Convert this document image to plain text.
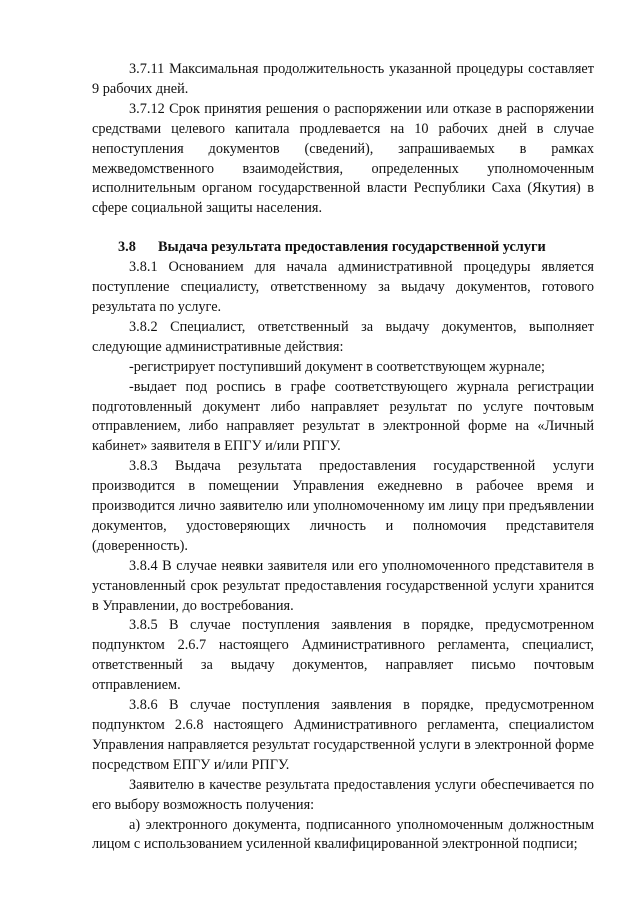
3.7.11 Максимальная продолжительность указанной процедуры составляет 9 рабочих дней.

3.7.12 Срок принятия решения о распоряжении или отказе в распоряжении средствами целевого капитала продлевается на 10 рабочих дней в случае непоступления документов (сведений), запрашиваемых в рамках межведомственного взаимодействия, определенных уполномоченным исполнительным органом государственной власти Республики Саха (Якутия) в сфере социальной защиты населения.

3.8	Выдача результата предоставления государственной услуги

3.8.1 Основанием для начала административной процедуры является поступление специалисту, ответственному за выдачу документов, готового результата по услуге.

3.8.2 Специалист, ответственный за выдачу документов, выполняет следующие административные действия:

-регистрирует поступивший документ в соответствующем журнале;

-выдает под роспись в графе соответствующего журнала регистрации подготовленный документ либо направляет результат по услуге почтовым отправлением, либо направляет результат в электронной форме на «Личный кабинет» заявителя в ЕПГУ и/или РПГУ.

3.8.3 Выдача результата предоставления государственной услуги производится в помещении Управления ежедневно в рабочее время и производится лично заявителю или уполномоченному им лицу при предъявлении документов, удостоверяющих личность и полномочия представителя (доверенность).

3.8.4 В случае неявки заявителя или его уполномоченного представителя в установленный срок результат предоставления государственной услуги хранится в Управлении, до востребования.

3.8.5 В случае поступления заявления в порядке, предусмотренном подпунктом 2.6.7 настоящего Административного регламента, специалист, ответственный за выдачу документов, направляет письмо почтовым отправлением.

3.8.6 В случае поступления заявления в порядке, предусмотренном подпунктом 2.6.8 настоящего Административного регламента, специалистом Управления направляется результат государственной услуги в электронной форме посредством ЕПГУ и/или РПГУ.

Заявителю в качестве результата предоставления услуги обеспечивается по его выбору возможность получения:

а) электронного документа, подписанного уполномоченным должностным лицом с использованием усиленной квалифицированной электронной подписи;
